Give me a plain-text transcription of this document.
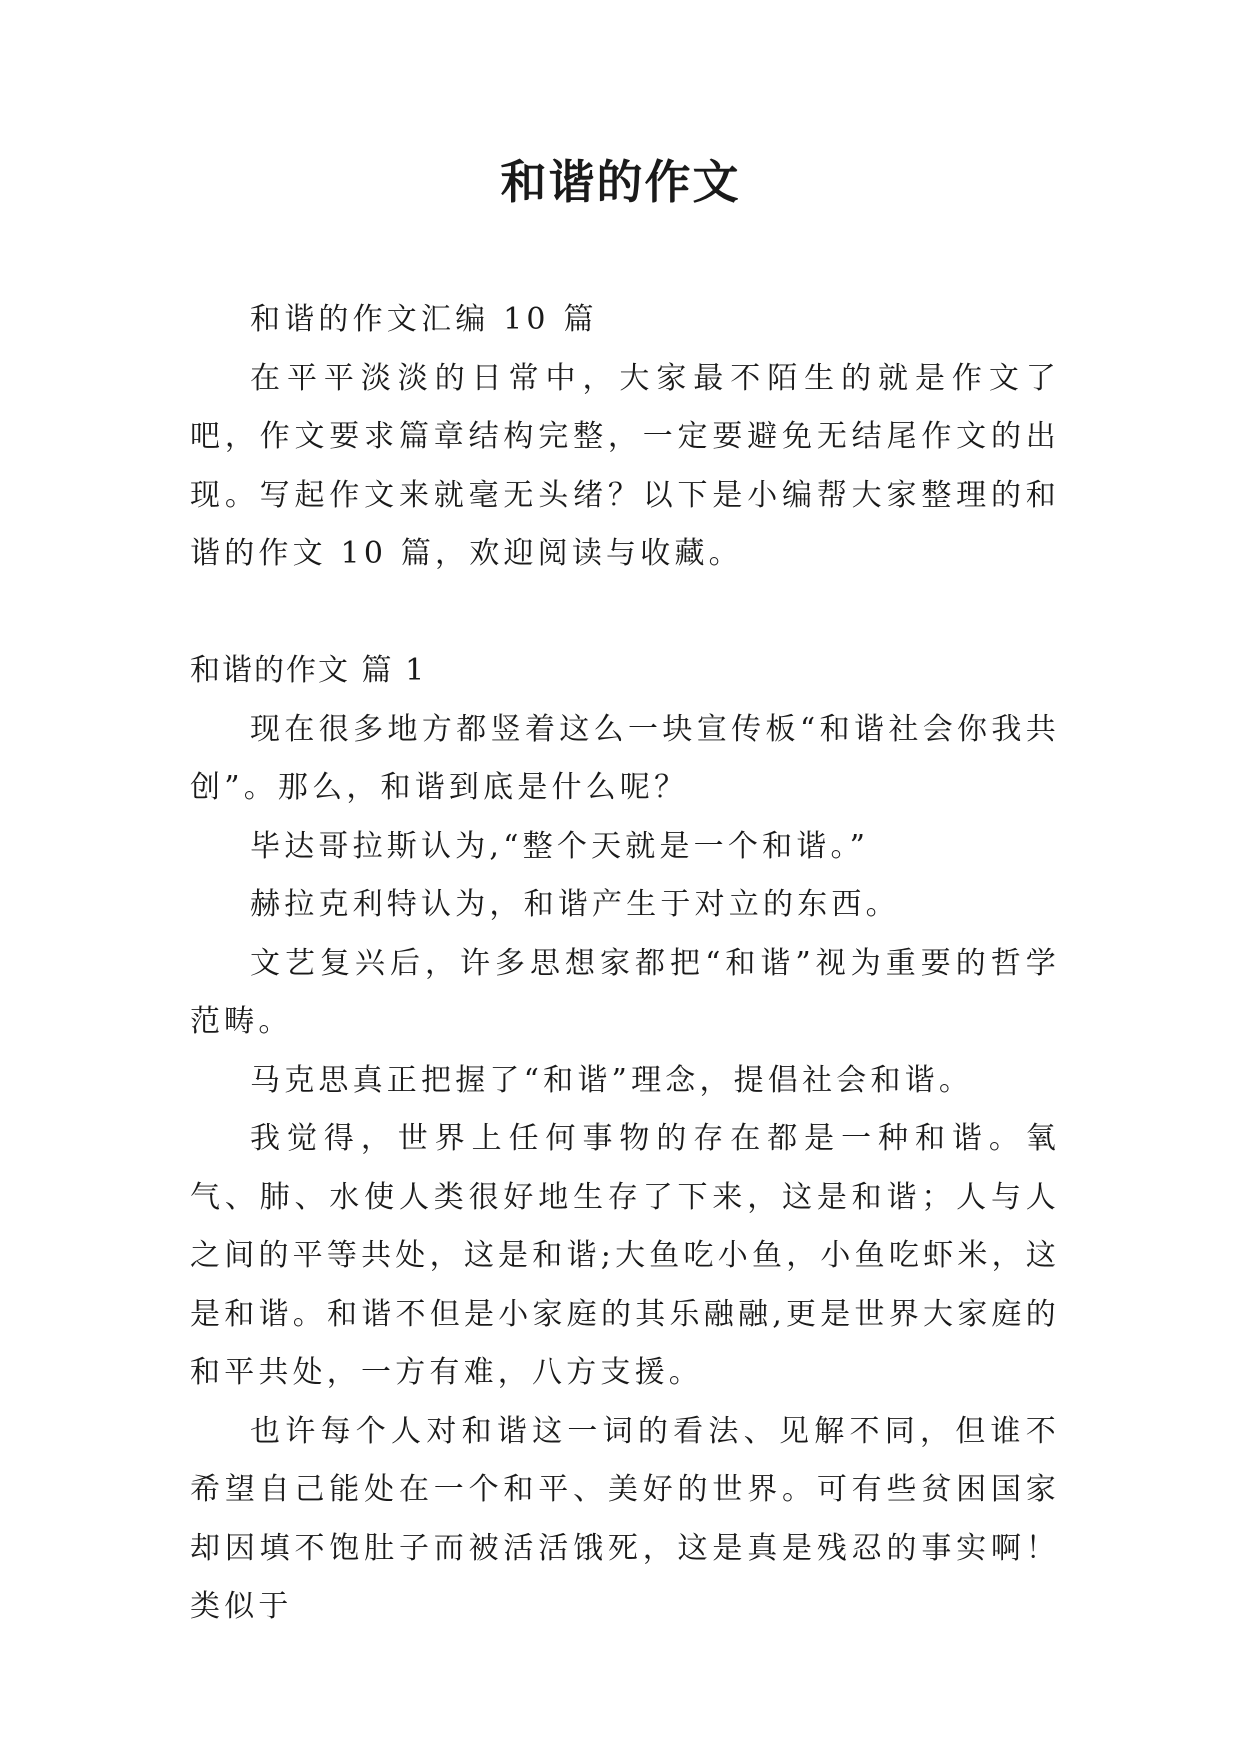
和谐的作文

和谐的作文汇编 10 篇

在平平淡淡的日常中，大家最不陌生的就是作文了吧，作文要求篇章结构完整，一定要避免无结尾作文的出现。写起作文来就毫无头绪？以下是小编帮大家整理的和谐的作文 10 篇，欢迎阅读与收藏。

和谐的作文 篇 1

现在很多地方都竖着这么一块宣传板“和谐社会你我共创”。那么，和谐到底是什么呢？

毕达哥拉斯认为,“整个天就是一个和谐。”

赫拉克利特认为，和谐产生于对立的东西。

文艺复兴后，许多思想家都把“和谐”视为重要的哲学范畴。

马克思真正把握了“和谐”理念，提倡社会和谐。

我觉得，世界上任何事物的存在都是一种和谐。氧气、肺、水使人类很好地生存了下来，这是和谐；人与人之间的平等共处，这是和谐;大鱼吃小鱼，小鱼吃虾米，这是和谐。和谐不但是小家庭的其乐融融,更是世界大家庭的和平共处，一方有难，八方支援。

也许每个人对和谐这一词的看法、见解不同，但谁不希望自己能处在一个和平、美好的世界。可有些贫困国家却因填不饱肚子而被活活饿死，这是真是残忍的事实啊！类似于
